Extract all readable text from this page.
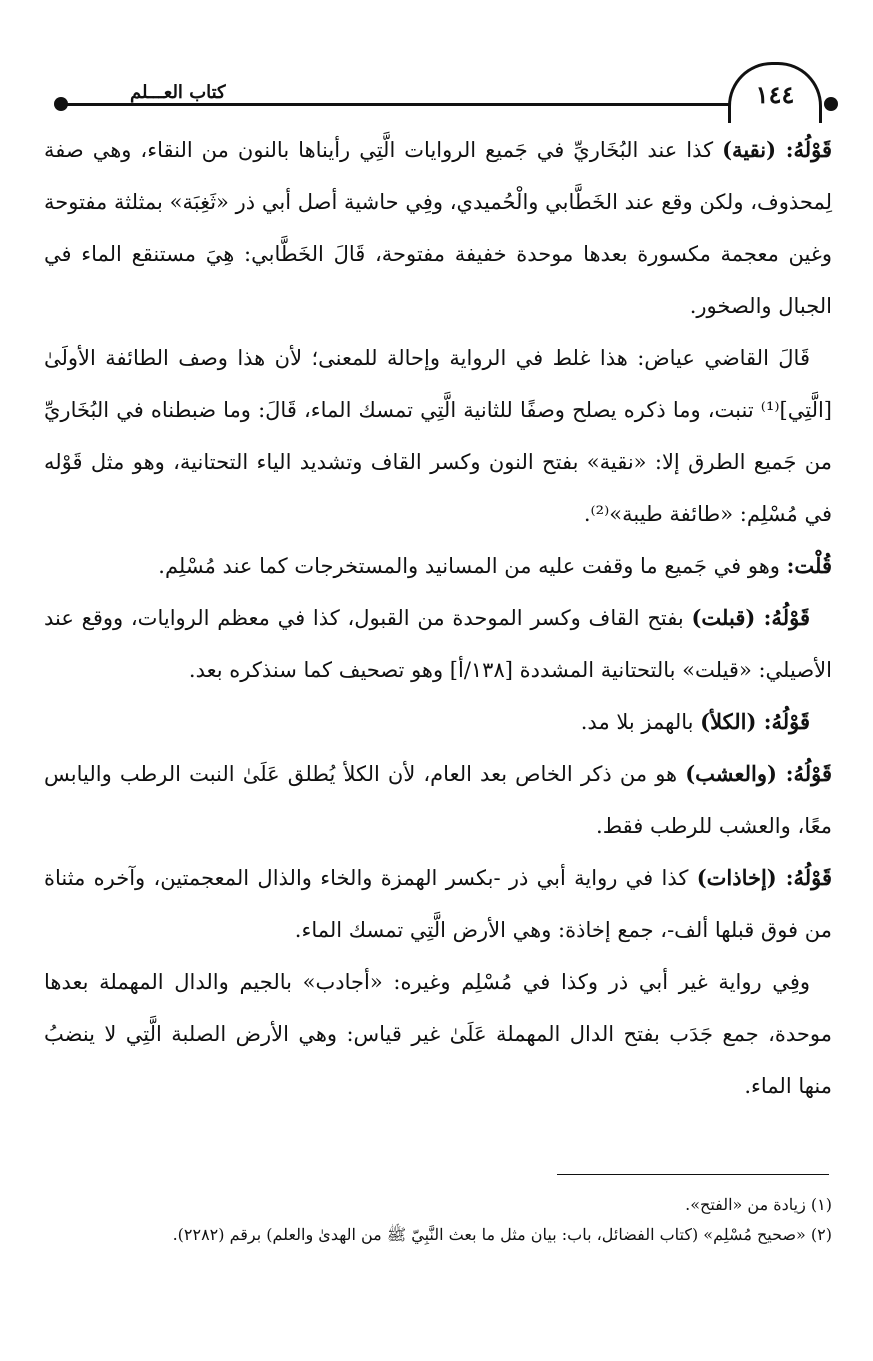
١٤٤
كتاب العـــلم

قَوْلُهُ: (نقية) كذا عند البُخَاريِّ في جَميع الروايات الَّتِي رأيناها بالنون من النقاء، وهي صفة لِمحذوف، ولكن وقع عند الخَطَّابي والْحُميدي، وفِي حاشية أصل أبي ذر «ثَغِبَة» بمثلثة مفتوحة وغين معجمة مكسورة بعدها موحدة خفيفة مفتوحة، قَالَ الخَطَّابي: هِيَ مستنقع الماء في الجبال والصخور.

قَالَ القاضي عياض: هذا غلط في الرواية وإحالة للمعنى؛ لأن هذا وصف الطائفة الأولَىٰ [الَّتِي]⁽¹⁾ تنبت، وما ذكره يصلح وصفًا للثانية الَّتِي تمسك الماء، قَالَ: وما ضبطناه في البُخَاريِّ من جَميع الطرق إلا: «نقية» بفتح النون وكسر القاف وتشديد الياء التحتانية، وهو مثل قَوْله في مُسْلِم: «طائفة طيبة»⁽²⁾.

قُلْت: وهو في جَميع ما وقفت عليه من المسانيد والمستخرجات كما عند مُسْلِم.

قَوْلُهُ: (قبلت) بفتح القاف وكسر الموحدة من القبول، كذا في معظم الروايات، ووقع عند الأصيلي: «قيلت» بالتحتانية المشددة [١٣٨/أ] وهو تصحيف كما سنذكره بعد.

قَوْلُهُ: (الكلأ) بالهمز بلا مد.

قَوْلُهُ: (والعشب) هو من ذكر الخاص بعد العام، لأن الكلأ يُطلق عَلَىٰ النبت الرطب واليابس معًا، والعشب للرطب فقط.

قَوْلُهُ: (إخاذات) كذا في رواية أبي ذر -بكسر الهمزة والخاء والذال المعجمتين، وآخره مثناة من فوق قبلها ألف-، جمع إخاذة: وهي الأرض الَّتِي تمسك الماء.

وفِي رواية غير أبي ذر وكذا في مُسْلِم وغيره: «أجادب» بالجيم والدال المهملة بعدها موحدة، جمع جَدَب بفتح الدال المهملة عَلَىٰ غير قياس: وهي الأرض الصلبة الَّتِي لا ينضبُ منها الماء.

(١) زيادة من «الفتح».

(٢) «صحيح مُسْلِم» (كتاب الفضائل، باب: بيان مثل ما بعث النَّبِيّ ﷺ من الهدىٰ والعلم) برقم (٢٢٨٢).
